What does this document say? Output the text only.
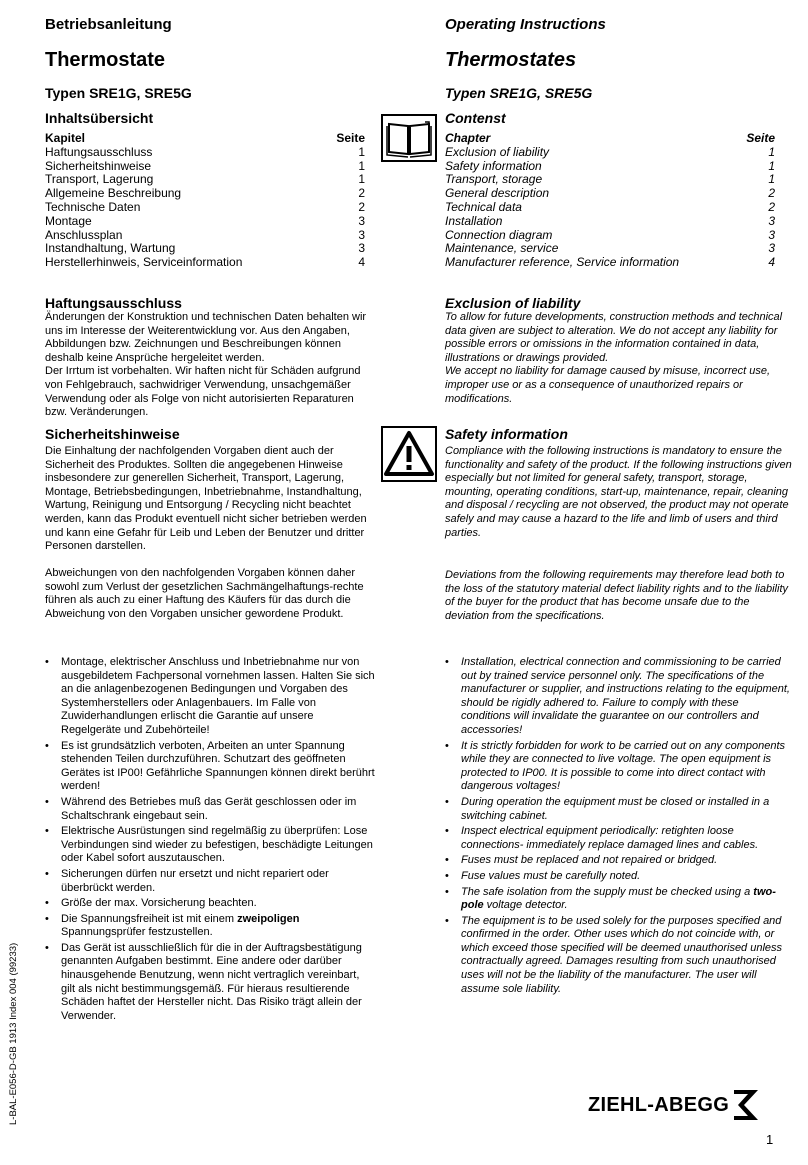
Betriebsanleitung
Thermostate
Typen SRE1G, SRE5G
Inhaltsübersicht
Kapitel	Seite
Haftungsausschluss	1
Sicherheitshinweise	1
Transport, Lagerung	1
Allgemeine Beschreibung	2
Technische Daten	2
Montage	3
Anschlussplan	3
Instandhaltung, Wartung	3
Herstellerhinweis, Serviceinformation	4
Haftungsausschluss
Änderungen der Konstruktion und technischen Daten behalten wir uns im Interesse der Weiterentwicklung vor. Aus den Angaben, Abbildungen bzw. Zeichnungen und Beschreibungen können deshalb keine Ansprüche hergeleitet werden.
Der Irrtum ist vorbehalten. Wir haften nicht für Schäden aufgrund von Fehlgebrauch, sachwidriger Verwendung, unsachgemäßer Verwendung oder als Folge von nicht autorisierten Reparaturen bzw. Veränderungen.
Sicherheitshinweise
Die Einhaltung der nachfolgenden Vorgaben dient auch der Sicherheit des Produktes. Sollten die angegebenen Hinweise insbesondere zur generellen Sicherheit, Transport, Lagerung, Montage, Betriebsbedingungen, Inbetriebnahme, Instandhaltung, Wartung, Reinigung und Entsorgung / Recycling nicht beachtet werden, kann das Produkt eventuell nicht sicher betrieben werden und kann eine Gefahr für Leib und Leben der Benutzer und dritter Personen darstellen.
Abweichungen von den nachfolgenden Vorgaben können daher sowohl zum Verlust der gesetzlichen Sachmängelhaftungs-rechte führen als auch zu einer Haftung des Käufers für das durch die Abweichung von den Vorgaben unsicher gewordene Produkt.
• Montage, elektrischer Anschluss und Inbetriebnahme nur von ausgebildetem Fachpersonal vornehmen lassen. Halten Sie sich an die anlagenbezogenen Bedingungen und Vorgaben des Systemherstellers oder Anlagenbauers. Im Falle von Zuwiderhandlungen erlischt die Garantie auf unsere Regelgeräte und Zubehörteile!
• Es ist grundsätzlich verboten, Arbeiten an unter Spannung stehenden Teilen durchzuführen. Schutzart des geöffneten Gerätes ist IP00! Gefährliche Spannungen können direkt berührt werden!
• Während des Betriebes muß das Gerät geschlossen oder im Schaltschrank eingebaut sein.
• Elektrische Ausrüstungen sind regelmäßig zu überprüfen: Lose Verbindungen sind wieder zu befestigen, beschädigte Leitungen oder Kabel sofort auszutauschen.
• Sicherungen dürfen nur ersetzt und nicht repariert oder überbrückt werden.
• Größe der max. Vorsicherung beachten.
• Die Spannungsfreiheit ist mit einem zweipoligen Spannungsprüfer festzustellen.
• Das Gerät ist ausschließlich für die in der Auftragsbestätigung genannten Aufgaben bestimmt. Eine andere oder darüber hinausgehende Benutzung, wenn nicht vertraglich vereinbart, gilt als nicht bestimmungsgemäß. Für hieraus resultierende Schäden haftet der Hersteller nicht. Das Risiko trägt allein der Verwender.
Operating Instructions
Thermostates
Typen SRE1G, SRE5G
Contenst
Chapter	Seite
Exclusion of liability	1
Safety information	1
Transport, storage	1
General description	2
Technical data	2
Installation	3
Connection diagram	3
Maintenance, service	3
Manufacturer reference, Service information	4
Exclusion of liability
To allow for future developments, construction methods and technical data given are subject to alteration. We do not accept any liability for possible errors or omissions in the information contained in data, illustrations or drawings provided.
We accept no liability for damage caused by misuse, incorrect use, improper use or as a consequence of unauthorized repairs or modifications.
Safety information
Compliance with the following instructions is mandatory to ensure the functionality and safety of the product. If the following instructions given especially but not limited for general safety, transport, storage, mounting, operating conditions, start-up, maintenance, repair, cleaning and disposal / recycling are not observed, the product may not operate safely and may cause a hazard to the life and limb of users and third parties.
Deviations from the following requirements may therefore lead both to the loss of the statutory material defect liability rights and to the liability of the buyer for the product that has become unsafe due to the deviation from the specifications.
• Installation, electrical connection and commissioning to be carried out by trained service personnel only. The specifications of the manufacturer or supplier, and instructions relating to the equipment, should be rigidly adhered to. Failure to comply with these conditions will invalidate the guarantee on our controllers and accessories!
• It is strictly forbidden for work to be carried out on any components while they are connected to live voltage. The open equipment is protected to IP00. It is possible to come into direct contact with dangerous voltages!
• During operation the equipment must be closed or installed in a switching cabinet.
• Inspect electrical equipment periodically: retighten loose connections- immediately replace damaged lines and cables.
• Fuses must be replaced and not repaired or bridged.
• Fuse values must be carefully noted.
• The safe isolation from the supply must be checked using a two-pole voltage detector.
• The equipment is to be used solely for the purposes specified and confirmed in the order. Other uses which do not coincide with, or which exceed those specified will be deemed unauthorised unless contractually agreed. Damages resulting from such unauthorised uses will not be the liability of the manufacturer. The user will assume sole liability.
L-BAL-E056-D-GB 1913 Index 004 (99233)	ZIEHL-ABEGG
1
